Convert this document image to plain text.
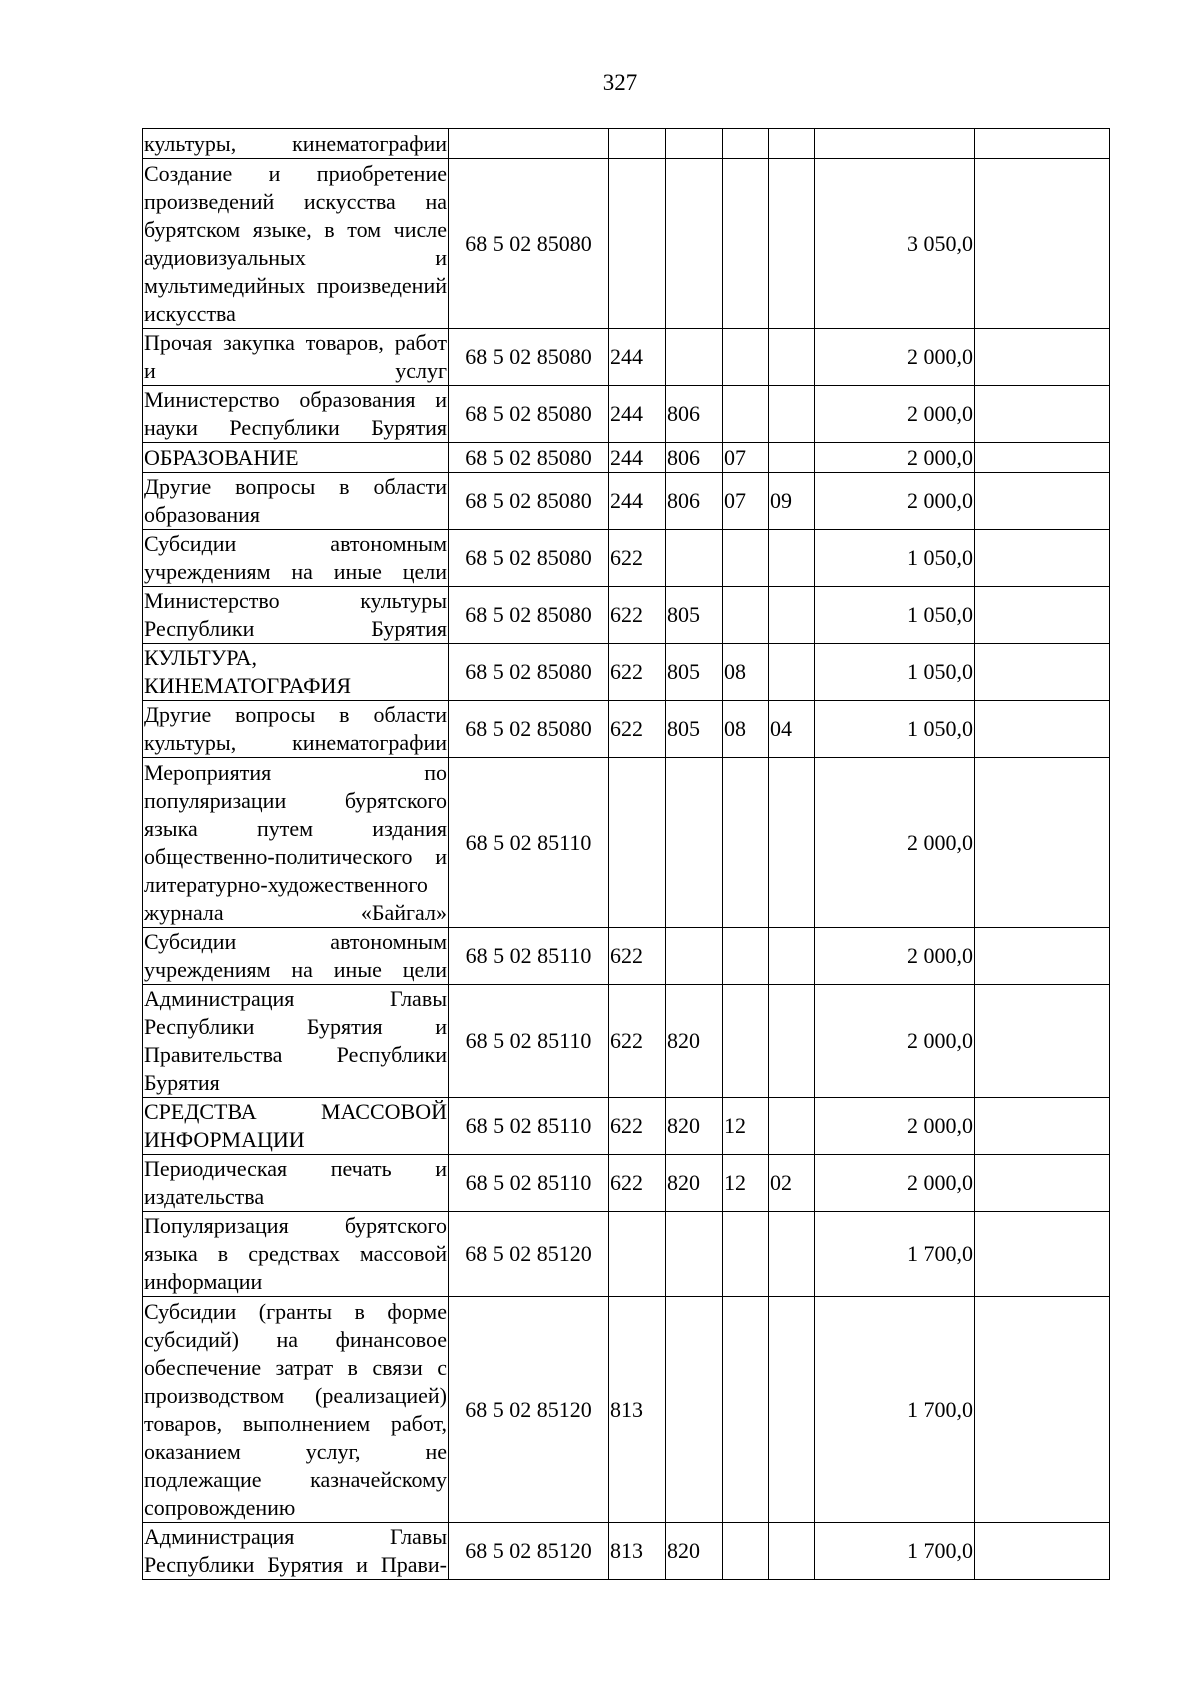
327
культуры, кинематографии							
Создание и приобретение произведений искусства на бурятском языке, в том числе аудиовизуальных и мультимедийных произведений искусства	68 5 02 85080					3 050,0	
Прочая закупка товаров, работ и услуг	68 5 02 85080	244				2 000,0	
Министерство образования и науки Республики Бурятия	68 5 02 85080	244	806			2 000,0	
ОБРАЗОВАНИЕ	68 5 02 85080	244	806	07		2 000,0	
Другие вопросы в области образования	68 5 02 85080	244	806	07	09	2 000,0	
Субсидии автономным учреждениям на иные цели	68 5 02 85080	622				1 050,0	
Министерство культуры Республики Бурятия	68 5 02 85080	622	805			1 050,0	
КУЛЬТУРА, КИНЕМАТОГРАФИЯ	68 5 02 85080	622	805	08		1 050,0	
Другие вопросы в области культуры, кинематографии	68 5 02 85080	622	805	08	04	1 050,0	
Мероприятия по популяризации бурятского языка путем издания общественно-политического и литературно-художественного журнала «Байгал»	68 5 02 85110					2 000,0	
Субсидии автономным учреждениям на иные цели	68 5 02 85110	622				2 000,0	
Администрация Главы Республики Бурятия и Правительства Республики Бурятия	68 5 02 85110	622	820			2 000,0	
СРЕДСТВА МАССОВОЙ ИНФОРМАЦИИ	68 5 02 85110	622	820	12		2 000,0	
Периодическая печать и издательства	68 5 02 85110	622	820	12	02	2 000,0	
Популяризация бурятского языка в средствах массовой информации	68 5 02 85120					1 700,0	
Субсидии (гранты в форме субсидий) на финансовое обеспечение затрат в связи с производством (реализацией) товаров, выполнением работ, оказанием услуг, не подлежащие казначейскому сопровождению	68 5 02 85120	813				1 700,0	
Администрация Главы Республики Бурятия и Прави-	68 5 02 85120	813	820			1 700,0	
